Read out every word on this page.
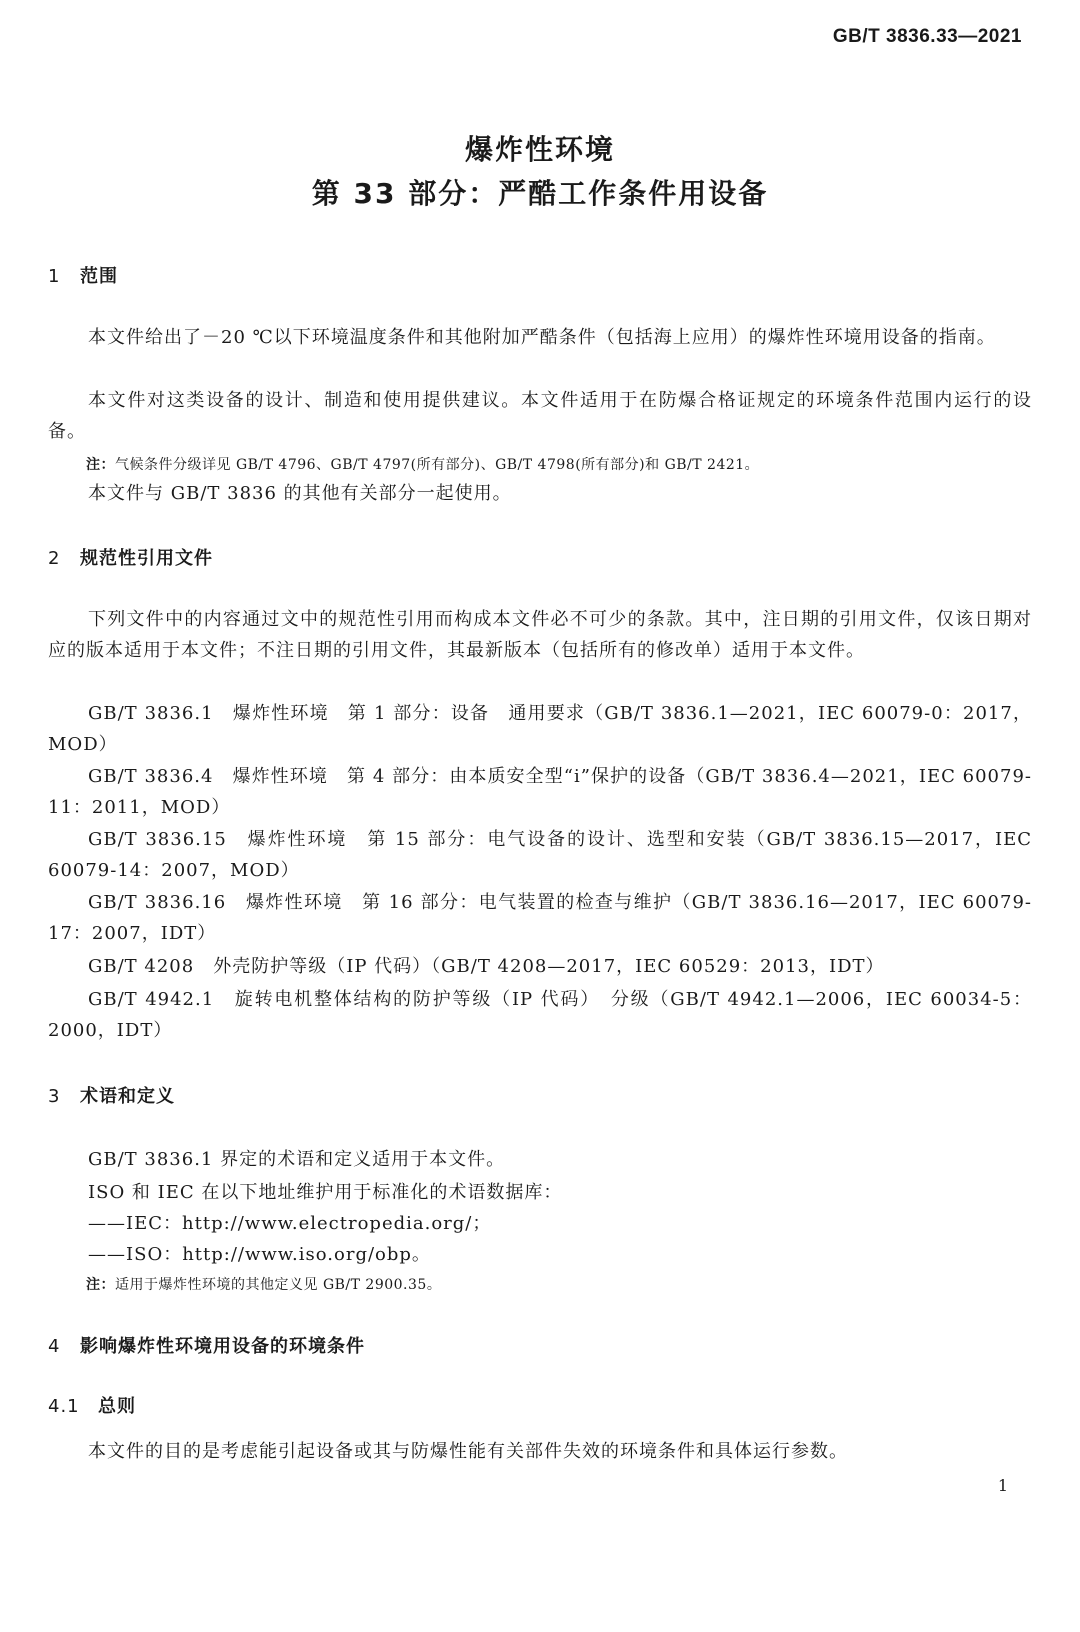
GB/T 3836.33—2021
爆炸性环境
第 33 部分：严酷工作条件用设备
1 范围
本文件给出了－20 ℃以下环境温度条件和其他附加严酷条件（包括海上应用）的爆炸性环境用设备的指南。
本文件对这类设备的设计、制造和使用提供建议。本文件适用于在防爆合格证规定的环境条件范围内运行的设备。
注：气候条件分级详见 GB/T 4796、GB/T 4797(所有部分)、GB/T 4798(所有部分)和 GB/T 2421。
本文件与 GB/T 3836 的其他有关部分一起使用。
2 规范性引用文件
下列文件中的内容通过文中的规范性引用而构成本文件必不可少的条款。其中，注日期的引用文件，仅该日期对应的版本适用于本文件；不注日期的引用文件，其最新版本（包括所有的修改单）适用于本文件。
GB/T 3836.1　爆炸性环境　第 1 部分：设备　通用要求（GB/T 3836.1—2021，IEC 60079-0：2017，MOD）
GB/T 3836.4　爆炸性环境　第 4 部分：由本质安全型“i”保护的设备（GB/T 3836.4—2021，IEC 60079-11：2011，MOD）
GB/T 3836.15　爆炸性环境　第 15 部分：电气设备的设计、选型和安装（GB/T 3836.15—2017，IEC 60079-14：2007，MOD）
GB/T 3836.16　爆炸性环境　第 16 部分：电气装置的检查与维护（GB/T 3836.16—2017，IEC 60079-17：2007，IDT）
GB/T 4208　外壳防护等级（IP 代码）（GB/T 4208—2017，IEC 60529：2013，IDT）
GB/T 4942.1　旋转电机整体结构的防护等级（IP 代码）　分级（GB/T 4942.1—2006，IEC 60034-5：2000，IDT）
3 术语和定义
GB/T 3836.1 界定的术语和定义适用于本文件。
ISO 和 IEC 在以下地址维护用于标准化的术语数据库：
——IEC：http://www.electropedia.org/；
——ISO：http://www.iso.org/obp。
注：适用于爆炸性环境的其他定义见 GB/T 2900.35。
4 影响爆炸性环境用设备的环境条件
4.1 总则
本文件的目的是考虑能引起设备或其与防爆性能有关部件失效的环境条件和具体运行参数。
1
